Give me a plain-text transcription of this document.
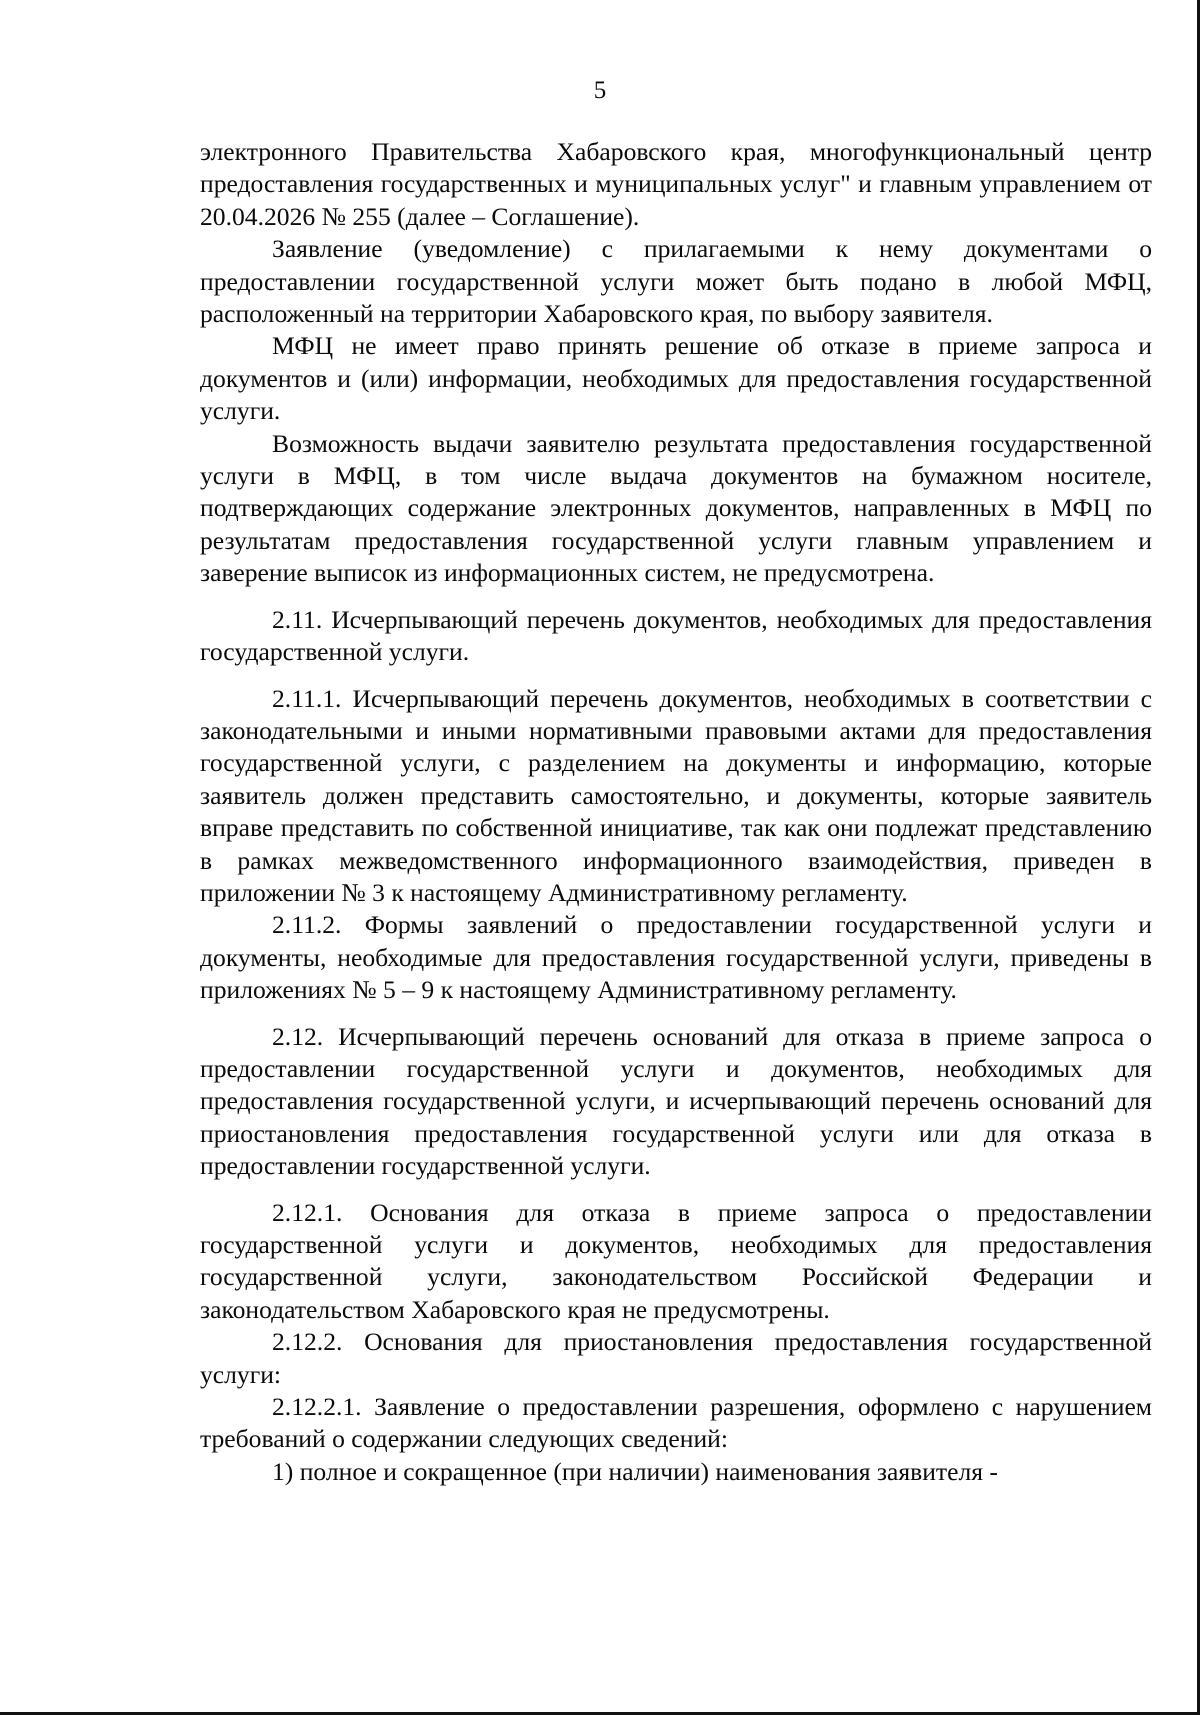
5

электронного Правительства Хабаровского края, многофункциональный центр предоставления государственных и муниципальных услуг" и главным управлением от 20.04.2026 № 255 (далее – Соглашение).

Заявление (уведомление) с прилагаемыми к нему документами о предоставлении государственной услуги может быть подано в любой МФЦ, расположенный на территории Хабаровского края, по выбору заявителя.

МФЦ не имеет право принять решение об отказе в приеме запроса и документов и (или) информации, необходимых для предоставления государственной услуги.

Возможность выдачи заявителю результата предоставления государственной услуги в МФЦ, в том числе выдача документов на бумажном носителе, подтверждающих содержание электронных документов, направленных в МФЦ по результатам предоставления государственной услуги главным управлением и заверение выписок из информационных систем, не предусмотрена.

2.11. Исчерпывающий перечень документов, необходимых для предоставления государственной услуги.

2.11.1. Исчерпывающий перечень документов, необходимых в соответствии с законодательными и иными нормативными правовыми актами для предоставления государственной услуги, с разделением на документы и информацию, которые заявитель должен представить самостоятельно, и документы, которые заявитель вправе представить по собственной инициативе, так как они подлежат представлению в рамках межведомственного информационного взаимодействия, приведен в приложении № 3 к настоящему Административному регламенту.

2.11.2. Формы заявлений о предоставлении государственной услуги и документы, необходимые для предоставления государственной услуги, приведены в приложениях № 5 – 9 к настоящему Административному регламенту.

2.12. Исчерпывающий перечень оснований для отказа в приеме запроса о предоставлении государственной услуги и документов, необходимых для предоставления государственной услуги, и исчерпывающий перечень оснований для приостановления предоставления государственной услуги или для отказа в предоставлении государственной услуги.

2.12.1. Основания для отказа в приеме запроса о предоставлении государственной услуги и документов, необходимых для предоставления государственной услуги, законодательством Российской Федерации и законодательством Хабаровского края не предусмотрены.

2.12.2. Основания для приостановления предоставления государственной услуги:

2.12.2.1. Заявление о предоставлении разрешения, оформлено с нарушением требований о содержании следующих сведений:

1) полное и сокращенное (при наличии) наименования заявителя -
